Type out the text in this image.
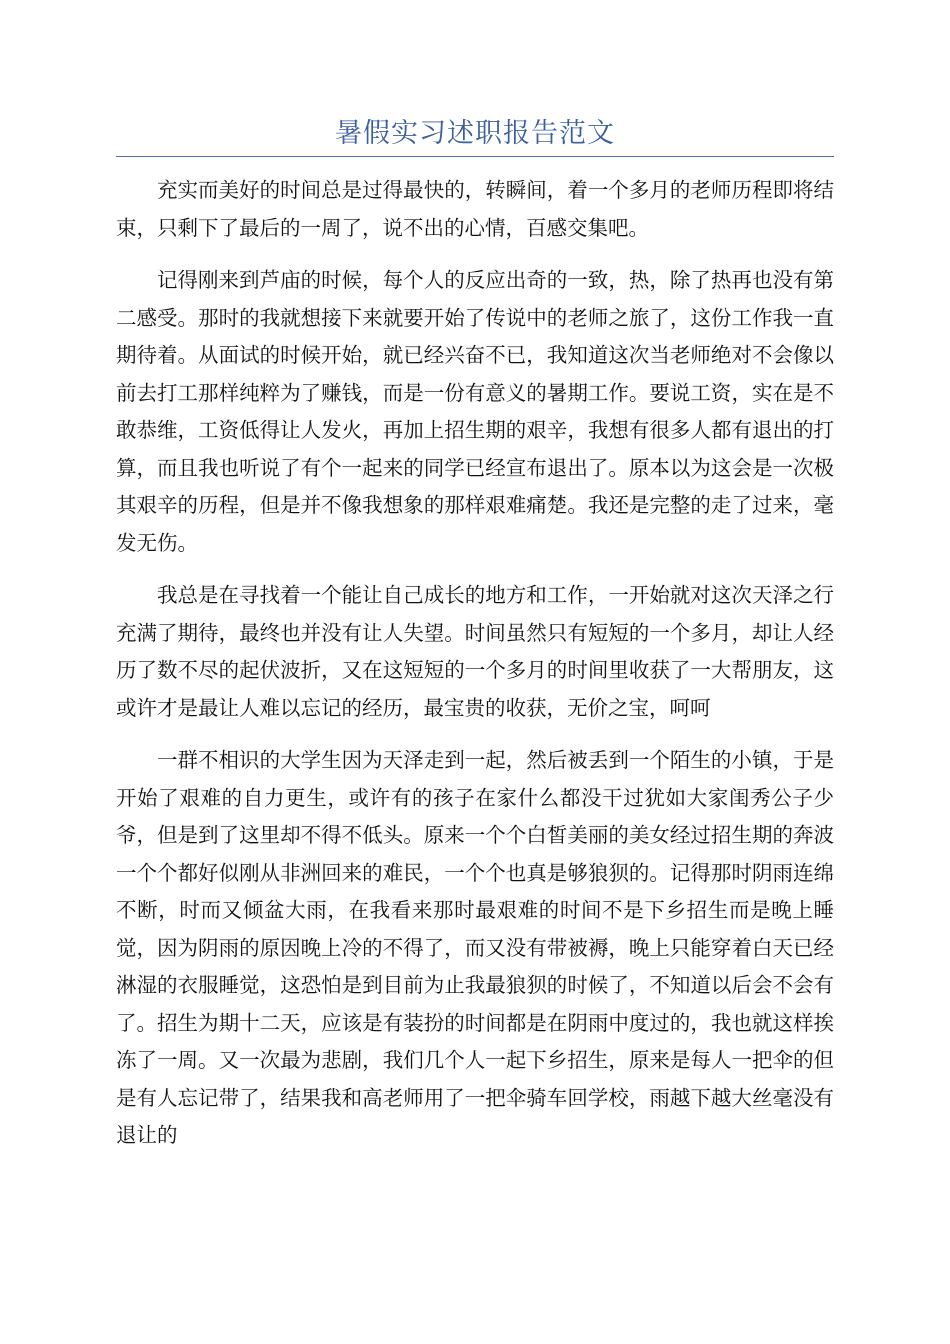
暑假实习述职报告范文

充实而美好的时间总是过得最快的，转瞬间，着一个多月的老师历程即将结束，只剩下了最后的一周了，说不出的心情，百感交集吧。

记得刚来到芦庙的时候，每个人的反应出奇的一致，热，除了热再也没有第二感受。那时的我就想接下来就要开始了传说中的老师之旅了，这份工作我一直期待着。从面试的时候开始，就已经兴奋不已，我知道这次当老师绝对不会像以前去打工那样纯粹为了赚钱，而是一份有意义的暑期工作。要说工资，实在是不敢恭维，工资低得让人发火，再加上招生期的艰辛，我想有很多人都有退出的打算，而且我也听说了有个一起来的同学已经宣布退出了。原本以为这会是一次极其艰辛的历程，但是并不像我想象的那样艰难痛楚。我还是完整的走了过来，毫发无伤。

我总是在寻找着一个能让自己成长的地方和工作，一开始就对这次天泽之行充满了期待，最终也并没有让人失望。时间虽然只有短短的一个多月，却让人经历了数不尽的起伏波折，又在这短短的一个多月的时间里收获了一大帮朋友，这或许才是最让人难以忘记的经历，最宝贵的收获，无价之宝，呵呵

一群不相识的大学生因为天泽走到一起，然后被丢到一个陌生的小镇，于是开始了艰难的自力更生，或许有的孩子在家什么都没干过犹如大家闺秀公子少爷，但是到了这里却不得不低头。原来一个个白皙美丽的美女经过招生期的奔波一个个都好似刚从非洲回来的难民，一个个也真是够狼狈的。记得那时阴雨连绵不断，时而又倾盆大雨，在我看来那时最艰难的时间不是下乡招生而是晚上睡觉，因为阴雨的原因晚上冷的不得了，而又没有带被褥，晚上只能穿着白天已经淋湿的衣服睡觉，这恐怕是到目前为止我最狼狈的时候了，不知道以后会不会有了。招生为期十二天，应该是有装扮的时间都是在阴雨中度过的，我也就这样挨冻了一周。又一次最为悲剧，我们几个人一起下乡招生，原来是每人一把伞的但是有人忘记带了，结果我和高老师用了一把伞骑车回学校，雨越下越大丝毫没有退让的
